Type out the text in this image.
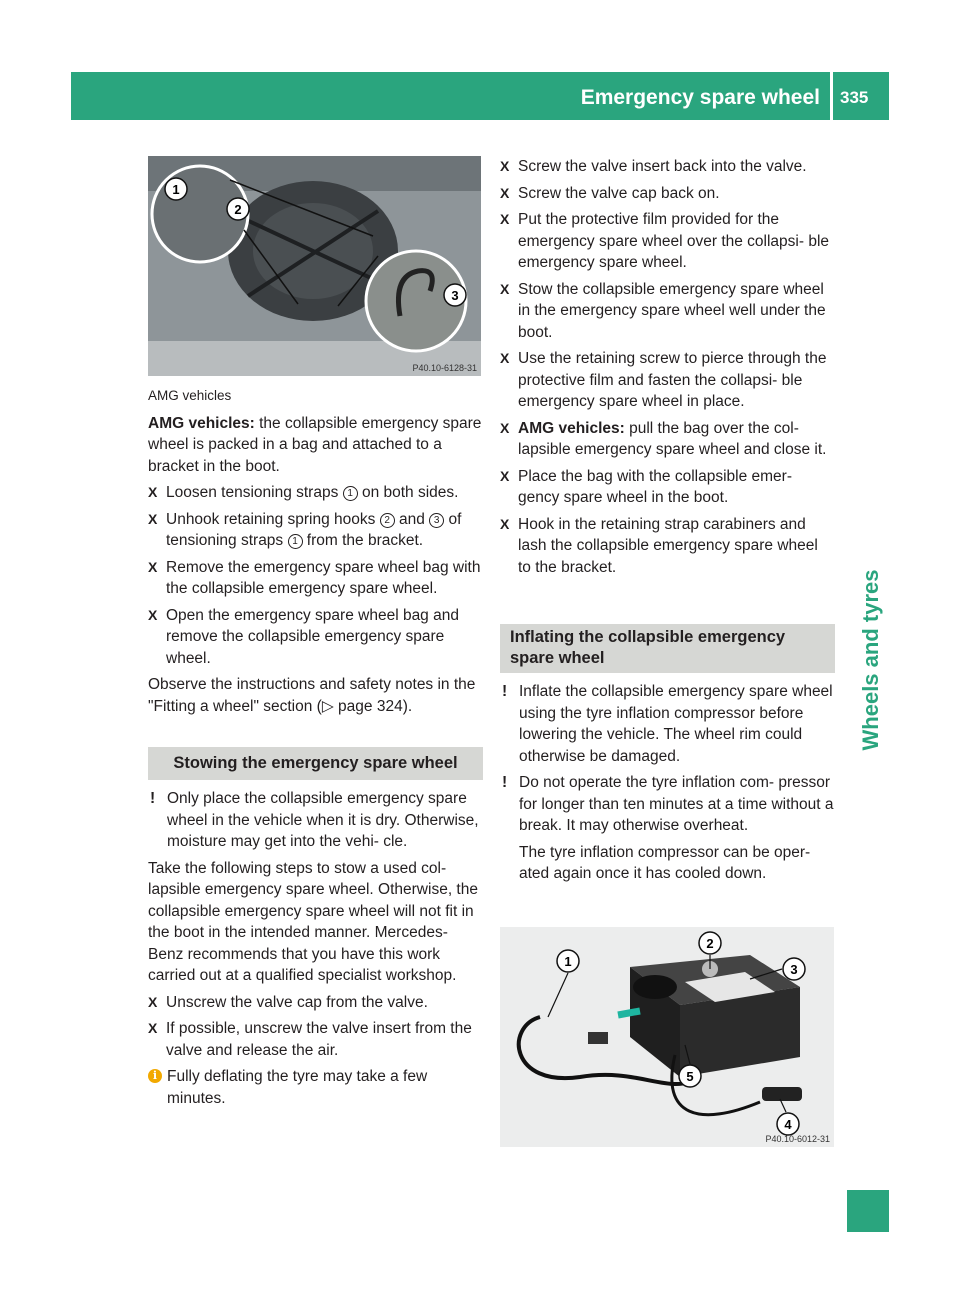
Emergency spare wheel 335
Wheels and tyres
1
2
3
P40.10-6128-31
AMG vehicles

AMG vehicles: the collapsible emergency spare wheel is packed in a bag and attached to a bracket in the boot.

X Loosen tensioning straps 1 on both sides.
X Unhook retaining spring hooks 2 and 3 of tensioning straps 1 from the bracket.
X Remove the emergency spare wheel bag with the collapsible emergency spare wheel.
X Open the emergency spare wheel bag and remove the collapsible emergency spare wheel.

Observe the instructions and safety notes in the "Fitting a wheel" section (▷ page 324).

Stowing the emergency spare wheel
! Only place the collapsible emergency spare wheel in the vehicle when it is dry. Otherwise, moisture may get into the vehi- cle.

Take the following steps to stow a used col- lapsible emergency spare wheel. Otherwise, the collapsible emergency spare wheel will not fit in the boot in the intended manner. Mercedes-Benz recommends that you have this work carried out at a qualified specialist workshop.

X Unscrew the valve cap from the valve.
X If possible, unscrew the valve insert from the valve and release the air.
i Fully deflating the tyre may take a few minutes.
X Screw the valve insert back into the valve.
X Screw the valve cap back on.
X Put the protective film provided for the emergency spare wheel over the collapsi- ble emergency spare wheel.
X Stow the collapsible emergency spare wheel in the emergency spare wheel well under the boot.
X Use the retaining screw to pierce through the protective film and fasten the collapsi- ble emergency spare wheel in place.
X AMG vehicles: pull the bag over the col- lapsible emergency spare wheel and close it.
X Place the bag with the collapsible emer- gency spare wheel in the boot.
X Hook in the retaining strap carabiners and lash the collapsible emergency spare wheel to the bracket.
Inflating the collapsible emergency spare wheel
! Inflate the collapsible emergency spare wheel using the tyre inflation compressor before lowering the vehicle. The wheel rim could otherwise be damaged.
! Do not operate the tyre inflation com- pressor for longer than ten minutes at a time without a break. It may otherwise overheat.

The tyre inflation compressor can be oper- ated again once it has cooled down.

1
2
3
4
5
P40.10-6012-31
